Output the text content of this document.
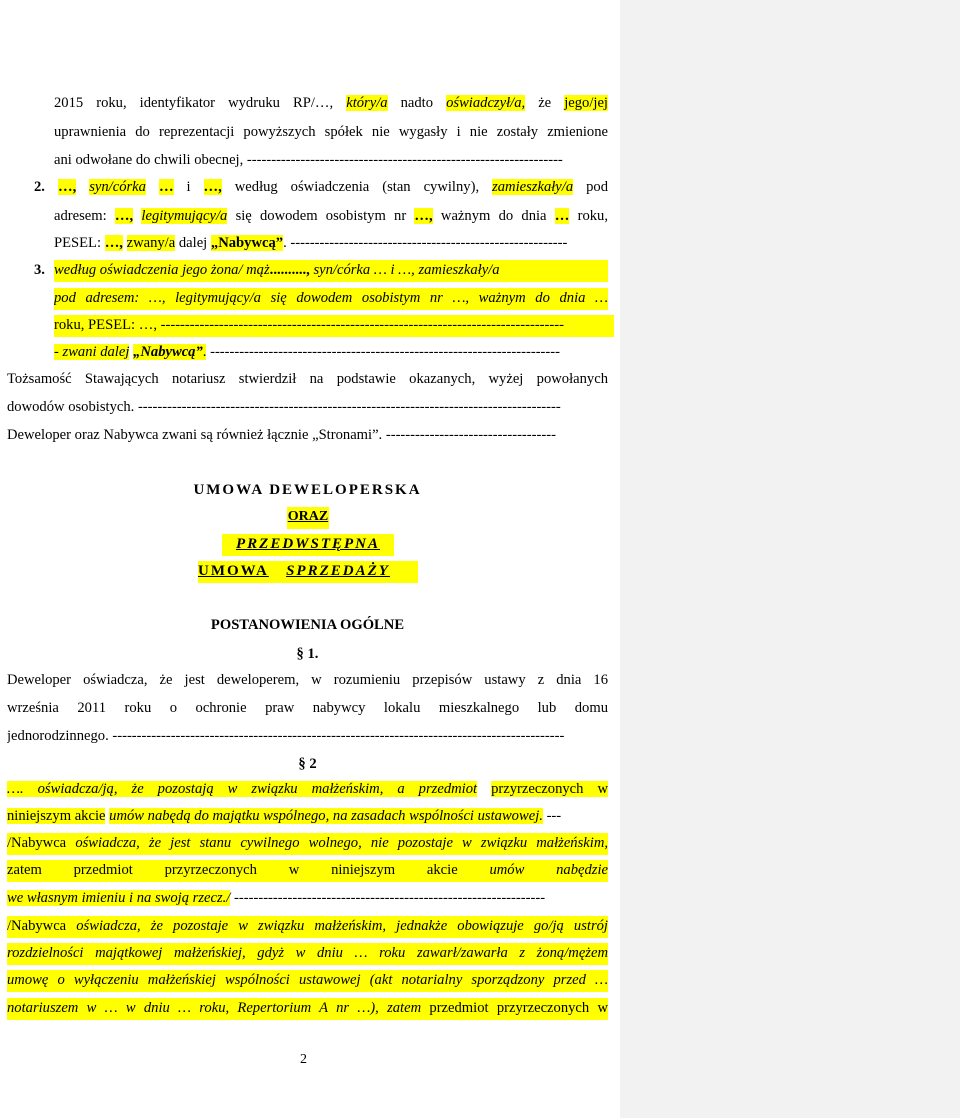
2015 roku, identyfikator wydruku RP/…, który/a nadto oświadczył/a, że jego/jej
uprawnienia do reprezentacji powyższych spółek nie wygasły i nie zostały zmienione
ani odwołane do chwili obecnej, -----------------------------------------------------------------
2. …, syn/córka … i …, według oświadczenia (stan cywilny), zamieszkały/a pod
adresem: …, legitymujący/a się dowodem osobistym nr …, ważnym do dnia … roku,
PESEL: …, zwany/a dalej „Nabywcą”. ---------------------------------------------------------
3. według oświadczenia jego żona/ mąż.........., syn/córka … i …, zamieszkały/a
pod adresem: …, legitymujący/a się dowodem osobistym nr …, ważnym do dnia …
roku, PESEL: …, -----------------------------------------------------------------------------------
- zwani dalej „Nabywcą”. ------------------------------------------------------------------------
Tożsamość Stawających notariusz stwierdził na podstawie okazanych, wyżej powołanych
dowodów osobistych. ---------------------------------------------------------------------------------------
Deweloper oraz Nabywca zwani są również łącznie „Stronami”. -----------------------------------
UMOWA DEWELOPERSKA
ORAZ
PRZEDWSTĘPNA
UMOWA SPRZEDAŻY
POSTANOWIENIA OGÓLNE
§ 1.
Deweloper oświadcza, że jest deweloperem, w rozumieniu przepisów ustawy z dnia 16
września 2011 roku o ochronie praw nabywcy lokalu mieszkalnego lub domu
jednorodzinnego. ---------------------------------------------------------------------------------------------
§ 2
…. oświadcza/ją, że pozostają w związku małżeńskim, a przedmiot przyrzeczonych w
niniejszym akcie umów nabędą do majątku wspólnego, na zasadach wspólności ustawowej. ---
/Nabywca oświadcza, że jest stanu cywilnego wolnego, nie pozostaje w związku małżeńskim,
zatem przedmiot przyrzeczonych w niniejszym akcie umów nabędzie
we własnym imieniu i na swoją rzecz./ ----------------------------------------------------------------
/Nabywca oświadcza, że pozostaje w związku małżeńskim, jednakże obowiązuje go/ją ustrój
rozdzielności majątkowej małżeńskiej, gdyż w dniu … roku zawarł/zawarła z żoną/mężem
umowę o wyłączeniu małżeńskiej wspólności ustawowej (akt notarialny sporządzony przed …
notariuszem w … w dniu … roku, Repertorium A nr …), zatem przedmiot przyrzeczonych w
2
